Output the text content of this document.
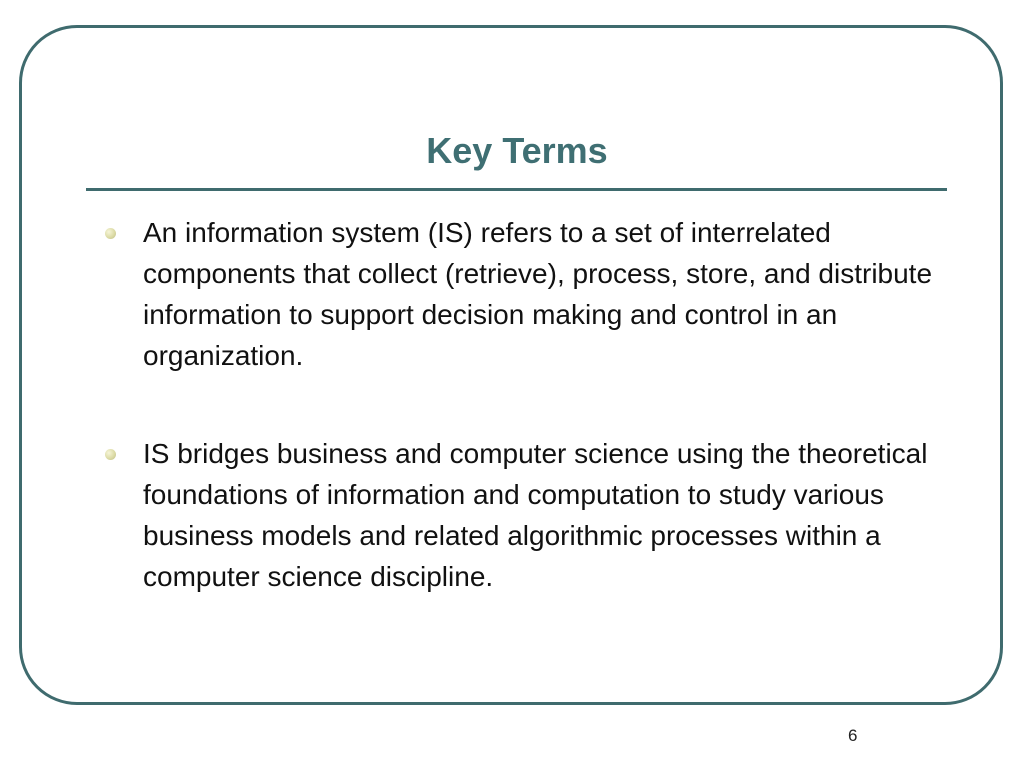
Key Terms
An information system (IS) refers to a set of interrelated components that collect (retrieve), process, store, and distribute information to support decision making and control in an organization.
IS bridges business and computer science using the theoretical foundations of information and computation to study various business models and related algorithmic processes within a computer science discipline.
6
